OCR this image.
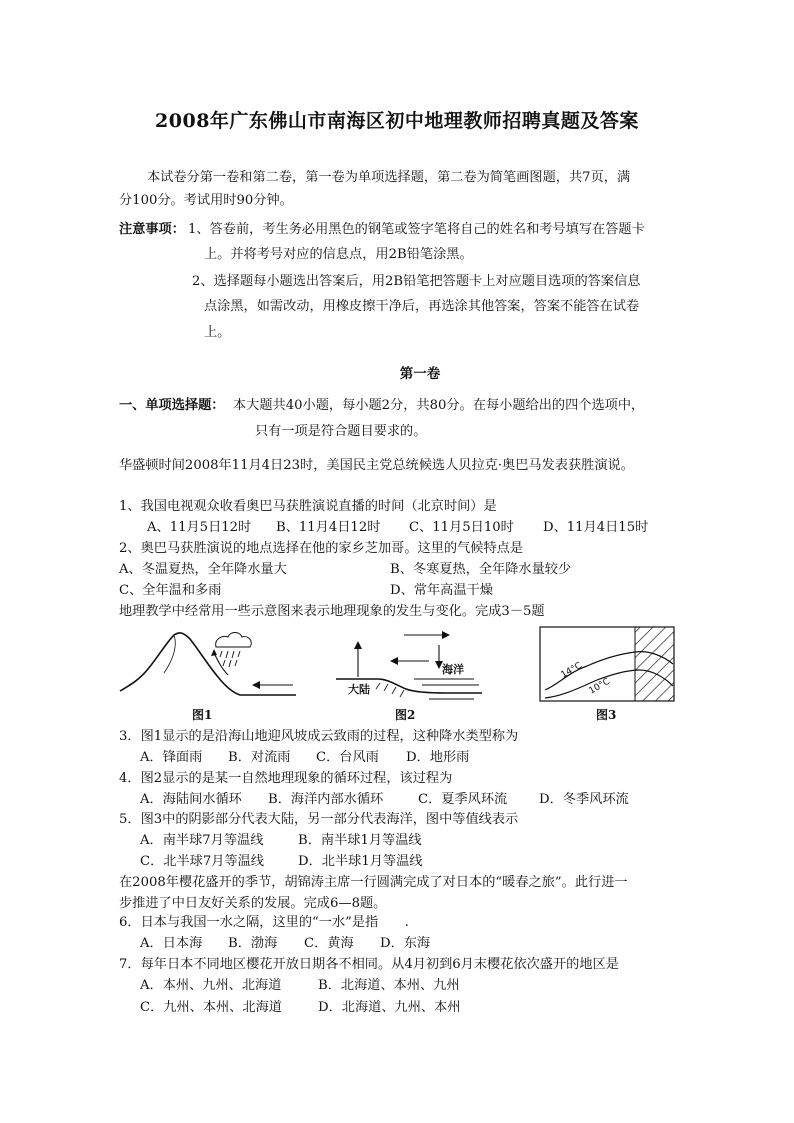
2008年广东佛山市南海区初中地理教师招聘真题及答案
本试卷分第一卷和第二卷，第一卷为单项选择题，第二卷为简笔画图题，共7页，满
分100分。考试用时90分钟。
注意事项： 1、答卷前，考生务必用黑色的钢笔或签字笔将自己的姓名和考号填写在答题卡
上。并将考号对应的信息点，用2B铅笔涂黑。
2、选择题每小题选出答案后，用2B铅笔把答题卡上对应题目选项的答案信息
点涂黑，如需改动，用橡皮擦干净后，再选涂其他答案，答案不能答在试卷
上。
第一卷
一、单项选择题： 本大题共40小题，每小题2分，共80分。在每小题给出的四个选项中，
只有一项是符合题目要求的。
华盛顿时间2008年11月4日23时，美国民主党总统候选人贝拉克·奥巴马发表获胜演说。
1、我国电视观众收看奥巴马获胜演说直播的时间（北京时间）是
A、11月5日12时 B、11月4日12时 C、11月5日10时 D、11月4日15时
2、奥巴马获胜演说的地点选择在他的家乡芝加哥。这里的气候特点是
A、冬温夏热，全年降水量大	B、冬寒夏热，全年降水量较少
C、全年温和多雨	D、常年高温干燥
地理教学中经常用一些示意图来表示地理现象的发生与变化。完成3－5题
图1
海洋
大陆
图2
14°C
10°C
图3
3．图1显示的是沿海山地迎风坡成云致雨的过程，这种降水类型称为
A．锋面雨 B．对流雨 C．台风雨 D．地形雨
4．图2显示的是某一自然地理现象的循环过程，该过程为
A．海陆间水循环 B．海洋内部水循环	C．夏季风环流 D．冬季风环流
5．图3中的阴影部分代表大陆，另一部分代表海洋，图中等值线表示
A．南半球7月等温线	B．南半球1月等温线
C．北半球7月等温线	D．北半球1月等温线
在2008年樱花盛开的季节，胡锦涛主席一行圆满完成了对日本的“暖春之旅”。此行进一
步推进了中日友好关系的发展。完成6—8题。
6．日本与我国一水之隔，这里的“一水”是指　　.
A．日本海 B．渤海 C．黄海 D．东海
7．每年日本不同地区樱花开放日期各不相同。从4月初到6月末樱花依次盛开的地区是
A．本州、九州、北海道	B．北海道、本州、九州
C．九州、本州、北海道	D．北海道、九州、本州
